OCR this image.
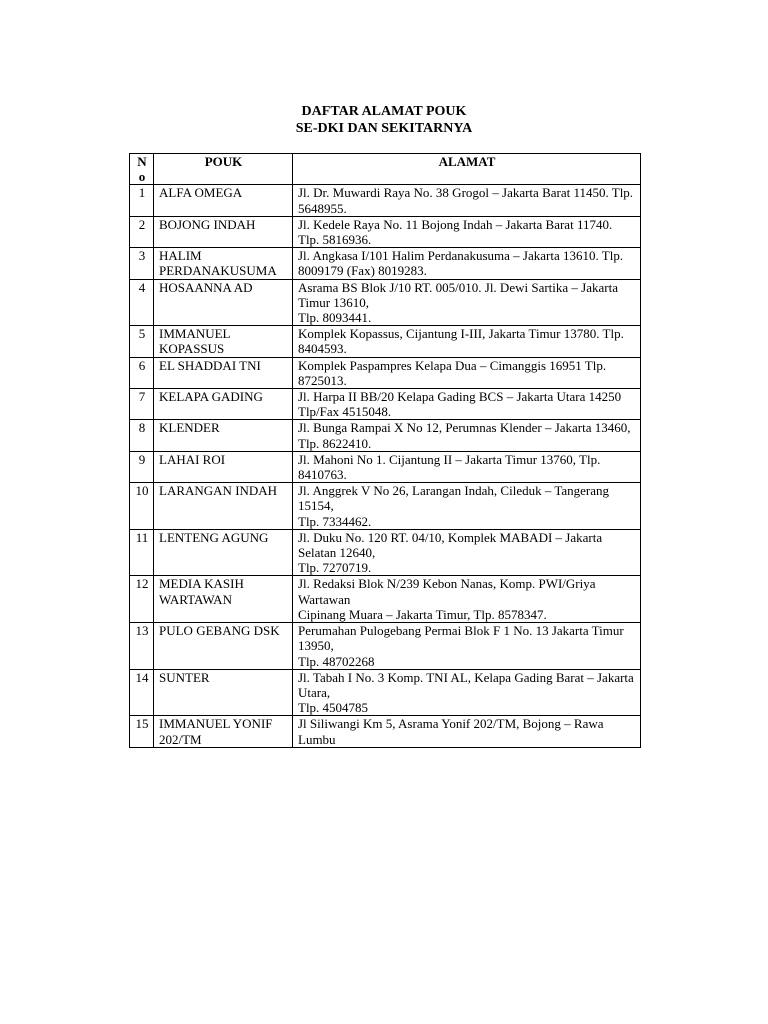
DAFTAR ALAMAT POUK
SE-DKI DAN SEKITARNYA
No	POUK	ALAMAT
1	ALFA OMEGA	Jl. Dr. Muwardi Raya No. 38 Grogol – Jakarta Barat 11450. Tlp. 5648955.

2	BOJONG INDAH	Jl. Kedele Raya No. 11 Bojong Indah – Jakarta Barat 11740. Tlp. 5816936.

3	HALIM PERDANAKUSUMA	Jl. Angkasa I/101 Halim Perdanakusuma – Jakarta 13610. Tlp. 8009179 (Fax) 8019283.

4	HOSAANNA AD	Asrama BS Blok J/10 RT. 005/010. Jl. Dewi Sartika – Jakarta Timur 13610,
Tlp. 8093441.

5	IMMANUEL KOPASSUS	Komplek Kopassus, Cijantung I-III, Jakarta Timur 13780. Tlp. 8404593.

6	EL SHADDAI TNI	Komplek Paspampres Kelapa Dua – Cimanggis 16951 Tlp. 8725013.

7	KELAPA GADING	Jl. Harpa II BB/20 Kelapa Gading BCS – Jakarta Utara 14250
Tlp/Fax 4515048.

8	KLENDER	Jl. Bunga Rampai X No 12, Perumnas Klender – Jakarta 13460, Tlp. 8622410.

9	LAHAI ROI	Jl. Mahoni No 1. Cijantung II – Jakarta Timur 13760, Tlp. 8410763.

10	LARANGAN INDAH	Jl. Anggrek V No 26, Larangan Indah, Cileduk – Tangerang 15154,
Tlp. 7334462.

11	LENTENG AGUNG	Jl. Duku No. 120 RT. 04/10, Komplek MABADI – Jakarta Selatan 12640,
Tlp. 7270719.

12	MEDIA KASIH WARTAWAN	Jl. Redaksi Blok N/239 Kebon Nanas, Komp. PWI/Griya Wartawan
Cipinang Muara – Jakarta Timur, Tlp. 8578347.

13	PULO GEBANG DSK	Perumahan Pulogebang Permai Blok F 1 No. 13 Jakarta Timur 13950,
Tlp. 48702268

14	SUNTER	Jl. Tabah I No. 3 Komp. TNI AL, Kelapa Gading Barat – Jakarta Utara,
Tlp. 4504785

15	IMMANUEL YONIF 202/TM	Jl Siliwangi Km 5, Asrama Yonif 202/TM, Bojong – Rawa Lumbu
